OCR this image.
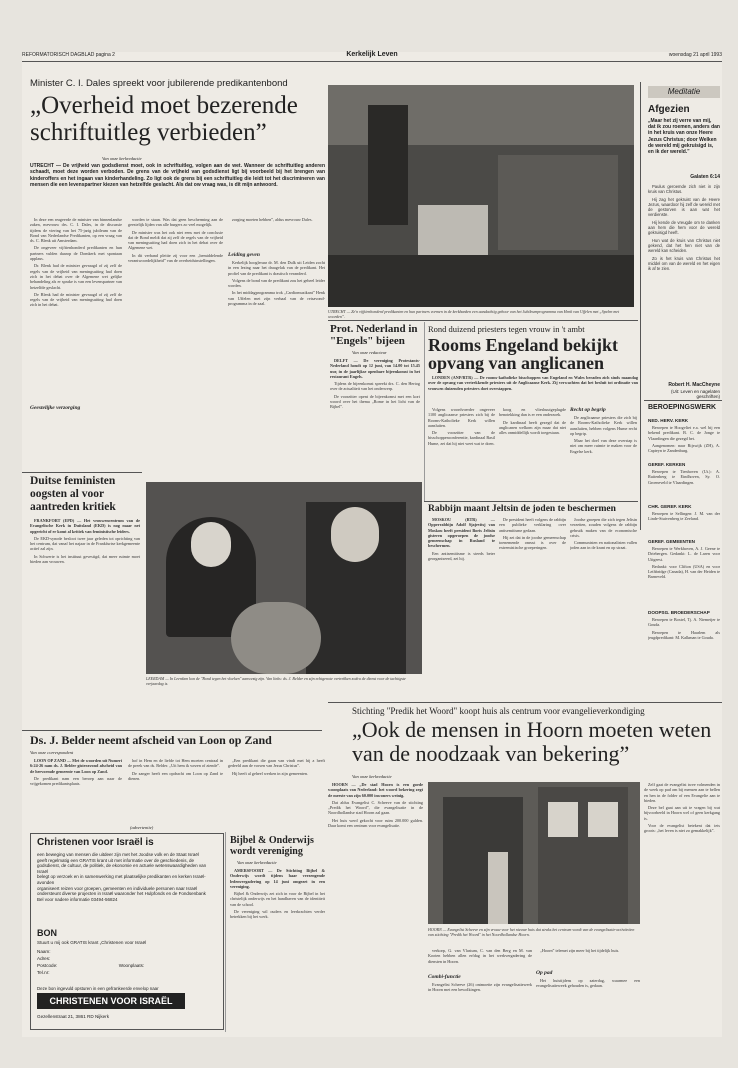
REFORMATORISCH DAGBLAD pagina 2	Kerkelijk Leven	woensdag 21 april 1993
Minister C. I. Dales spreekt voor jubilerende predikantenbond
„Overheid moet bezerende schriftuitleg verbieden”
Van onze kerkredactie
UTRECHT — De vrijheid van godsdienst moet, ook in schriftuitleg, volgen aan de wet. Wanneer de schriftuitleg anderen schaadt, moet deze worden verboden. De grens van de vrijheid van godsdienst ligt bij voorbeeld bij het brengen van kinderoffers en het ingaan van kinderhandeling. Zo ligt ook de grens bij een schriftuitleg die leidt tot het discrimineren van mensen die een levenspartner kiezen van hetzelfde geslacht. Als dat ow vraag was, is dit mijn antwoord.

In deze een reageerde de minister van binnenlandse zaken, mevrouw drs. C. I. Dales, in de discussie tijdens de viering van het 75-jarig jubileum van de Bond van Nederlandse Predikanten, op een vraag van ds. C. Blenk uit Amsterdam.

De ongeveer vijftienhonderd predikanten en hun partners vulden daarop de Domkerk met spontaan applaus.

Dr. Blenk had de minister gevraagd of zij zelf de regels van de vrijheid van meningsuiting had doen zich in het debat over de Algemene wet gelijke behandeling als er sprake is van een levenspartner van hetzelfde geslacht.

De Blenk had de minister gevraagd of zij zelf de regels van de vrijheid van meningsuiting had doen zich in het debat.

Geestelijke verzorging

worden te staan. Was dat geen bescherming aan de geestelijk lijden van alle burgers zo veel mogelijk.

De minister was het ook niet eens met de conclusie dat de Bond meldt dat zij zelf de regels van de vrijheid van meningsuiting had doen zich in het debat over de Algemene wet.

In dit verband pleitte zij voor een „bemiddelende verantwoordelijkheid” van de overheidsinstellingen.

zorging moeten hebben”, aldus mevrouw Dales.

Leiding geven

Kerkelijk hoogleraar dr. M. den Dulk uit Leiden zocht in een lezing naar het draagvlak van de predikant. Het profiel van de predikant is drastisch veranderd.

Volgens de bond van de predikant zou het geheel leider worden.

In het middagprogramma trok „Cardiomuzikant” Henk van Uffelen met zijn verhaal van de reisavond-programma in de zaal.

UTRECHT — Ze'n vijftienhonderd predikanten en hun partners vormen in de kerkbanken een aandachtig gehoor van het Jubileumprogramma van Henk van Uffelen met „Spelen met woorden”.
Meditatie
Afgezien
„Maar het zij verre van mij, dat ik zou roemen, anders dan in het kruis van onze Heere Jezus Christus; door Welken de wereld mij gekruisigd is, en ik der wereld.”
Galaten 6:14

Paulus geroemde zich niet in zijn kruis van Christus.

Hij zag het gekruist van de Heere Jezus, waardoor hij zelf de wereld met de gestorven is aan wat het verdienste.

Hij kende de vreugde om te danken aan hem die hem voor de wereld gekruisigd heeft.

Hun wat de kruis van Christus niet gekend, dat het hen niet van de wereld kan scheiden.

Zo is het kruis van Christus het middel om van de wereld en het eigen ik af te zien.

Robert H. MacCheyne
(Uit: Leven en nagelaten geschriften)
BEROEPINGSWERK
NED. HERV. KERK

Beroepen te Hoogvliet e.a. wel bij een bekend predikant. B. C. de Jonge te Vlaardingen die gezegd het.

Aangenomen: naar Rijswijk (ZH), A. Capteyn te Zandenburg.

GEREF. KERKEN

Beroepen te Tienhoven (Ut.): A. Ruitenberg te Eindhoven, Sy. O. Groeneveld te Vlaardingen.

CHR. GEREF. KERK

Beroepen te Sellingen: J. M. van der Linde-Stuivenberg te Zeeland.

GEREF. GEMEENTEN

Beroepen te Werkhoven, A. J. Geene te Driebergen. Gedankt: L. de Laren voor Uitgeest.

Bedankt: voor Clifton (USA) en voor Lethbridge (Canada), H. van der Heiden te Barneveld.

DOOPSG. BROEDERSCHAP

Beroepen te Boxtel, Tj. A. Niemeijer te Gouda.

Beroepen te Haarlem als jeugdpredikant: M. Kalkman te Gouda.

Prot. Nederland in "Engels" bijeen
Van onze redacteur

DELFT — De vereniging Protestants-Nederland houdt op 12 juni, van 14.00 tot 15.45 uur, in de jaarlijkse openbare bijeenkomst in het restaurant Engels.

Tijdens de bijeenkomst spreekt drs. C. den Hertog over de actualiteit van het onderwerp.

De voorzitter opent de bijeenkomst met een kort woord over het thema „Rome in het licht van de Bijbel”.

Rond duizend priesters tegen vrouw in 't ambt
Rooms Engeland bekijkt opvang van anglicanen

LONDEN (ANP/RTR) — De rooms-katholieke bisschoppen van Engeland en Wales beraden zich sinds maandag over de opvang van vertrekkende priesters uit de Anglicaanse Kerk. Zij verwachten dat het besluit tot ordinatie van vrouwen duizenden priesters doet overstappen.

Volgens woordvoerder ongeveer 1100 anglicaanse priesters zich bij de Rooms-Katholieke Kerk willen aansluiten.

De voorzitter van de bisschoppenconferentie, kardinaal Basil Hume, zei dat hij niet weet wat te doen.

koog en vlieshuutgeplugde benotekking dan is er een onderzoek.

De kardinaal heeft gezegd dat de anglicanen welkom zijn maar dat niet alles onmiddellijk wordt toegestaan.

Recht op begrip

De anglicaanse priesters die zich bij de Rooms-Katholieke Kerk willen aansluiten, hebben volgens Hume recht op begrip.

Maar het doel van deze overstap is niet om meer ruimte te maken voor de Engelse kerk.

Rabbijn maant Jeltsin de joden te beschermen

MOSKOU (RTR) — Opperrabbijn Adolf Sjajevitsj van Moskou heeft president Boris Jeltsin gisteren opgeroepen de joodse gemeenschap in Rusland te beschermen.

Een antisemitisme is steeds beter georganiseerd, zei hij.

De president heeft volgens de rabbijn een publieke verklaring over antisemitisme gedaan.

Hij zei dat in de joodse gemeenschap toenemende onrust is over de extremistische groeperingen.

Joodse groepen die zich tegen Jeltsin verzetten, zouden volgens de rabbijn gebruik maken van de economische crisis.

Communisten en nationalisten vallen joden aan in de krant en op straat.

Duitse feministen oogsten al voor aantreden kritiek

FRANKFORT (EPD) — Het vrouwencentrum van de Evangelische Kerk in Duitsland (EKD) is nog maar net opgericht of er komt al kritiek van feministische leiders.

De EKD-synode besloot twee jaar geleden tot oprichting van het centrum, dat vanaf het najaar in de Frankfurtse kerkgemeente actief zal zijn.

In Schwerte is het instituut gevestigd, dat meer ruimte moet bieden aan vrouwen.

LEERDAM — In Leerdam kon de "Bond tegen het vloeken" aanwezig zijn. Van links: ds. J. Belder en zijn echtgenote vertrekken zodra de dienst voor de tachtigste verjaardag is.
Ds. J. Belder neemt afscheid van Loon op Zand
Van onze correspondent

LOON OP ZAND — Met de woorden uit Numeri 6:24-26 nam ds. J. Belder gisteravond afscheid van de hervormde gemeente van Loon op Zand.

De predikant nam een beroep aan naar de vrijgekomen predikantsplaats.

hof in Hem en de liefde tot Hem moeten centraal in de preek van ds. Belder. „Uit hem ik wezen of ziende”.

De zanger heeft een opdracht om Loon op Zand te dienen.

„Een predikant die gaan van vindt met hij a heeft gedeeld aan de vorsen van Jezus Christus”.

Hij heeft al geheel werken in zijn gemeenten.

(advertentie)
Christenen voor Israël is
een beweging van mensen die uitdeer zijn met het Joodse volk en de Staat Israël
geeft regelmatig een GRATIS krant uit met informatie over de geschiedenis, de godsdienst, de cultuur, de politiek, de ekonomie en actuele wetenswaardigheden van Israël
belegt op verzoek en in samenwerking met plaatselijke predikanten en kerken Israël-avonden
organiseert reizen voor groepen, gemeenten en individuele personen naar Israël
ondersteunt diverse projecten in Israël waaronder het Hulpfonds en de Fondsenbank
Bel voor nadere informatie 03494-56824
BON
Stuurt u mij ook GRATIS krant „Christenen voor Israël
Naam:
Adres:
Postcode:	Woonplaats:
Tel.nr:
Deze bon ingevuld opsturen in een gefrankeerde envelop naar
CHRISTENEN VOOR ISRAËL
Gezellenstraat 21, 3861 RD Nijkerk
Bijbel & Onderwijs wordt vereniging
Van onze kerkredactie

AMERSFOORT — De Stichting Bijbel & Onderwijs wordt tijdens haar verzengende ledenvergadering op 14 juni omgezet in een vereniging.

Bijbel & Onderwijs zet zich in voor de Bijbel in het christelijk onderwijs en het handhaven van de identiteit van de school.

De vereniging wil ouders en leerkrachten verder betrekken bij het werk.

Stichting "Predik het Woord" koopt huis als centrum voor evangelieverkondiging
„Ook de mensen in Hoorn moeten weten van de noodzaak van bekering”
Van onze kerkredactie

HOORN — „De stad Hoorn is een goede woonplaats van Nederland: het woord bekering zegt de meeste van zijn 60.000 inwoners weinig.

Dat aldus Evangelist C. Scheeve van de stichting „Predik het Woord”, die evangelisatie in de Noordhollandse stad Hoorn zal gaan.

Het huis werd gekocht voor ruim 200.000 gulden. Daar komt een centrum voor evangelisatie.

HOORN — Evangelist Scheeve en zijn vrouw voor het nieuwe huis dat straks het centrum wordt van de evangelisatie-activiteiten van stichting "Predik het Woord" in het Noordhollandse Hoorn.

verkorp, G. van Vlastum, C. van den Berg en M. van Kooten hebben allen erfdag in het werkvergadering de diensten in Hoorn.

Combi-functie

Evangelist Scheeve (26) ontmoette zijn evangelisatiewerk in Hoorn met een bewolkingen.

„Hoorn” telemet zijn meer bij het tijdelijk huis.

Op pad

Het huistijdens op zaterdag, waarmee een evangelisatieweek gehouden is, gedaan.

Zelf gaat de evangelist twee volmenden in de week op pad om bij mensen aan te bellen en hen in de folder of een Evangelie aan te bieden.

Deze bel gaat aan uit te vragen bij wat bijvoorbeeld in Hoorn wel of geen kerkgang is.

Voor de evangelist betekent dat iets groots: „het leven is niet zo gemakkelijk”.
